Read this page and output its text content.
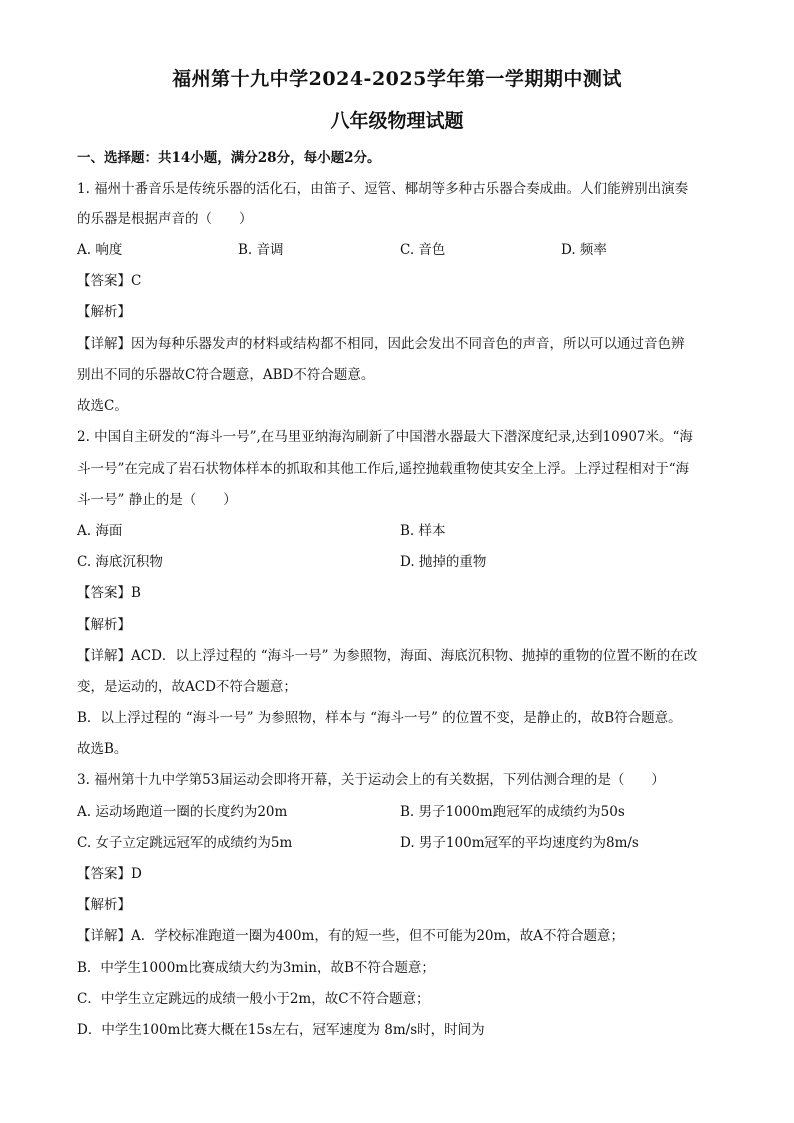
福州第十九中学2024-2025学年第一学期期中测试
八年级物理试题
一、选择题：共14小题，满分28分，每小题2分。
1. 福州十番音乐是传统乐器的活化石，由笛子、逗管、椰胡等多种古乐器合奏成曲。人们能辨别出演奏
的乐器是根据声音的（　　）
A. 响度	B. 音调	C. 音色	D. 频率
【答案】C
【解析】
【详解】因为每种乐器发声的材料或结构都不相同，因此会发出不同音色的声音，所以可以通过音色辨
别出不同的乐器故C符合题意，ABD不符合题意。
故选C。
2. 中国自主研发的“海斗一号”,在马里亚纳海沟刷新了中国潜水器最大下潜深度纪录,达到10907米。“海
斗一号”在完成了岩石状物体样本的抓取和其他工作后,遥控抛载重物使其安全上浮。上浮过程相对于“海
斗一号” 静止的是（　　）
A. 海面	B. 样本
C. 海底沉积物	D. 抛掉的重物
【答案】B
【解析】
【详解】ACD．以上浮过程的 “海斗一号” 为参照物，海面、海底沉积物、抛掉的重物的位置不断的在改
变，是运动的，故ACD不符合题意；
B．以上浮过程的 “海斗一号” 为参照物，样本与 “海斗一号” 的位置不变，是静止的，故B符合题意。
故选B。
3. 福州第十九中学第53届运动会即将开幕，关于运动会上的有关数据，下列估测合理的是（　　）
A. 运动场跑道一圈的长度约为20m	B. 男子1000m跑冠军的成绩约为50s
C. 女子立定跳远冠军的成绩约为5m	D. 男子100m冠军的平均速度约为8m/s
【答案】D
【解析】
【详解】A．学校标准跑道一圈为400m，有的短一些，但不可能为20m，故A不符合题意；
B．中学生1000m比赛成绩大约为3min，故B不符合题意；
C．中学生立定跳远的成绩一般小于2m，故C不符合题意；
D．中学生100m比赛大概在15s左右，冠军速度为 8m/s时，时间为
